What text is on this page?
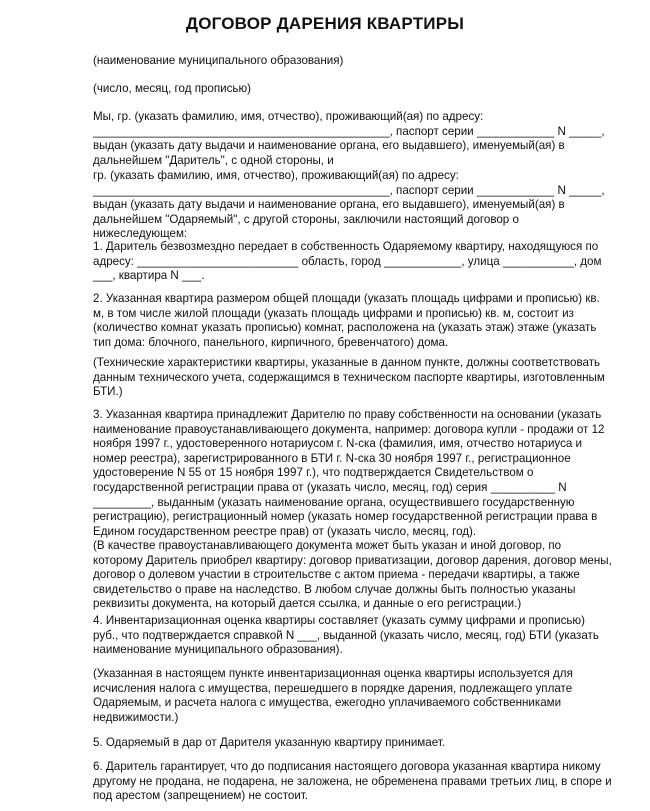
ДОГОВОР ДАРЕНИЯ КВАРТИРЫ

(наименование муниципального образования)

(число, месяц, год прописью)

Мы, гр. (указать фамилию, имя, отчество), проживающий(ая) по адресу: ______________________________________________, паспорт серии ____________ N _____, выдан (указать дату выдачи и наименование органа, его выдавшего), именуемый(ая) в дальнейшем "Даритель", с одной стороны, и

гр. (указать фамилию, имя, отчество), проживающий(ая) по адресу: ______________________________________________, паспорт серии ____________ N _____, выдан (указать дату выдачи и наименование органа, его выдавшего), именуемый(ая) в дальнейшем "Одаряемый", с другой стороны, заключили настоящий договор о нижеследующем:

1. Даритель безвозмездно передает в собственность Одаряемому квартиру, находящуюся по адресу: _________________________ область, город ____________, улица ___________, дом ___, квартира N ___.

2. Указанная квартира размером общей площади (указать площадь цифрами и прописью) кв. м, в том числе жилой площади (указать площадь цифрами и прописью) кв. м, состоит из (количество комнат указать прописью) комнат, расположена на (указать этаж) этаже (указать тип дома: блочного, панельного, кирпичного, бревенчатого) дома.

(Технические характеристики квартиры, указанные в данном пункте, должны соответствовать данным технического учета, содержащимся в техническом паспорте квартиры, изготовленным БТИ.)

3. Указанная квартира принадлежит Дарителю по праву собственности на основании (указать наименование правоустанавливающего документа, например: договора купли - продажи от 12 ноября 1997 г., удостоверенного нотариусом г. N-ска (фамилия, имя, отчество нотариуса и номер реестра), зарегистрированного в БТИ г. N-ска 30 ноября 1997 г., регистрационное удостоверение N 55 от 15 ноября 1997 г.), что подтверждается Свидетельством о государственной регистрации права от (указать число, месяц, год) серия __________ N _________, выданным (указать наименование органа, осуществившего государственную регистрацию), регистрационный номер (указать номер государственной регистрации права в Едином государственном реестре прав) от (указать число, месяц, год).

(В качестве правоустанавливающего документа может быть указан и иной договор, по которому Даритель приобрел квартиру: договор приватизации, договор дарения, договор мены, договор о долевом участии в строительстве с актом приема - передачи квартиры, а также свидетельство о праве на наследство. В любом случае должны быть полностью указаны реквизиты документа, на который дается ссылка, и данные о его регистрации.)

4. Инвентаризационная оценка квартиры составляет (указать сумму цифрами и прописью) руб., что подтверждается справкой N ___, выданной (указать число, месяц, год) БТИ (указать наименование муниципального образования).

(Указанная в настоящем пункте инвентаризационная оценка квартиры используется для исчисления налога с имущества, перешедшего в порядке дарения, подлежащего уплате Одаряемым, и расчета налога с имущества, ежегодно уплачиваемого собственниками недвижимости.)

5. Одаряемый в дар от Дарителя указанную квартиру принимает.

6. Даритель гарантирует, что до подписания настоящего договора указанная квартира никому другому не продана, не подарена, не заложена, не обременена правами третьих лиц, в споре и под арестом (запрещением) не состоит.
